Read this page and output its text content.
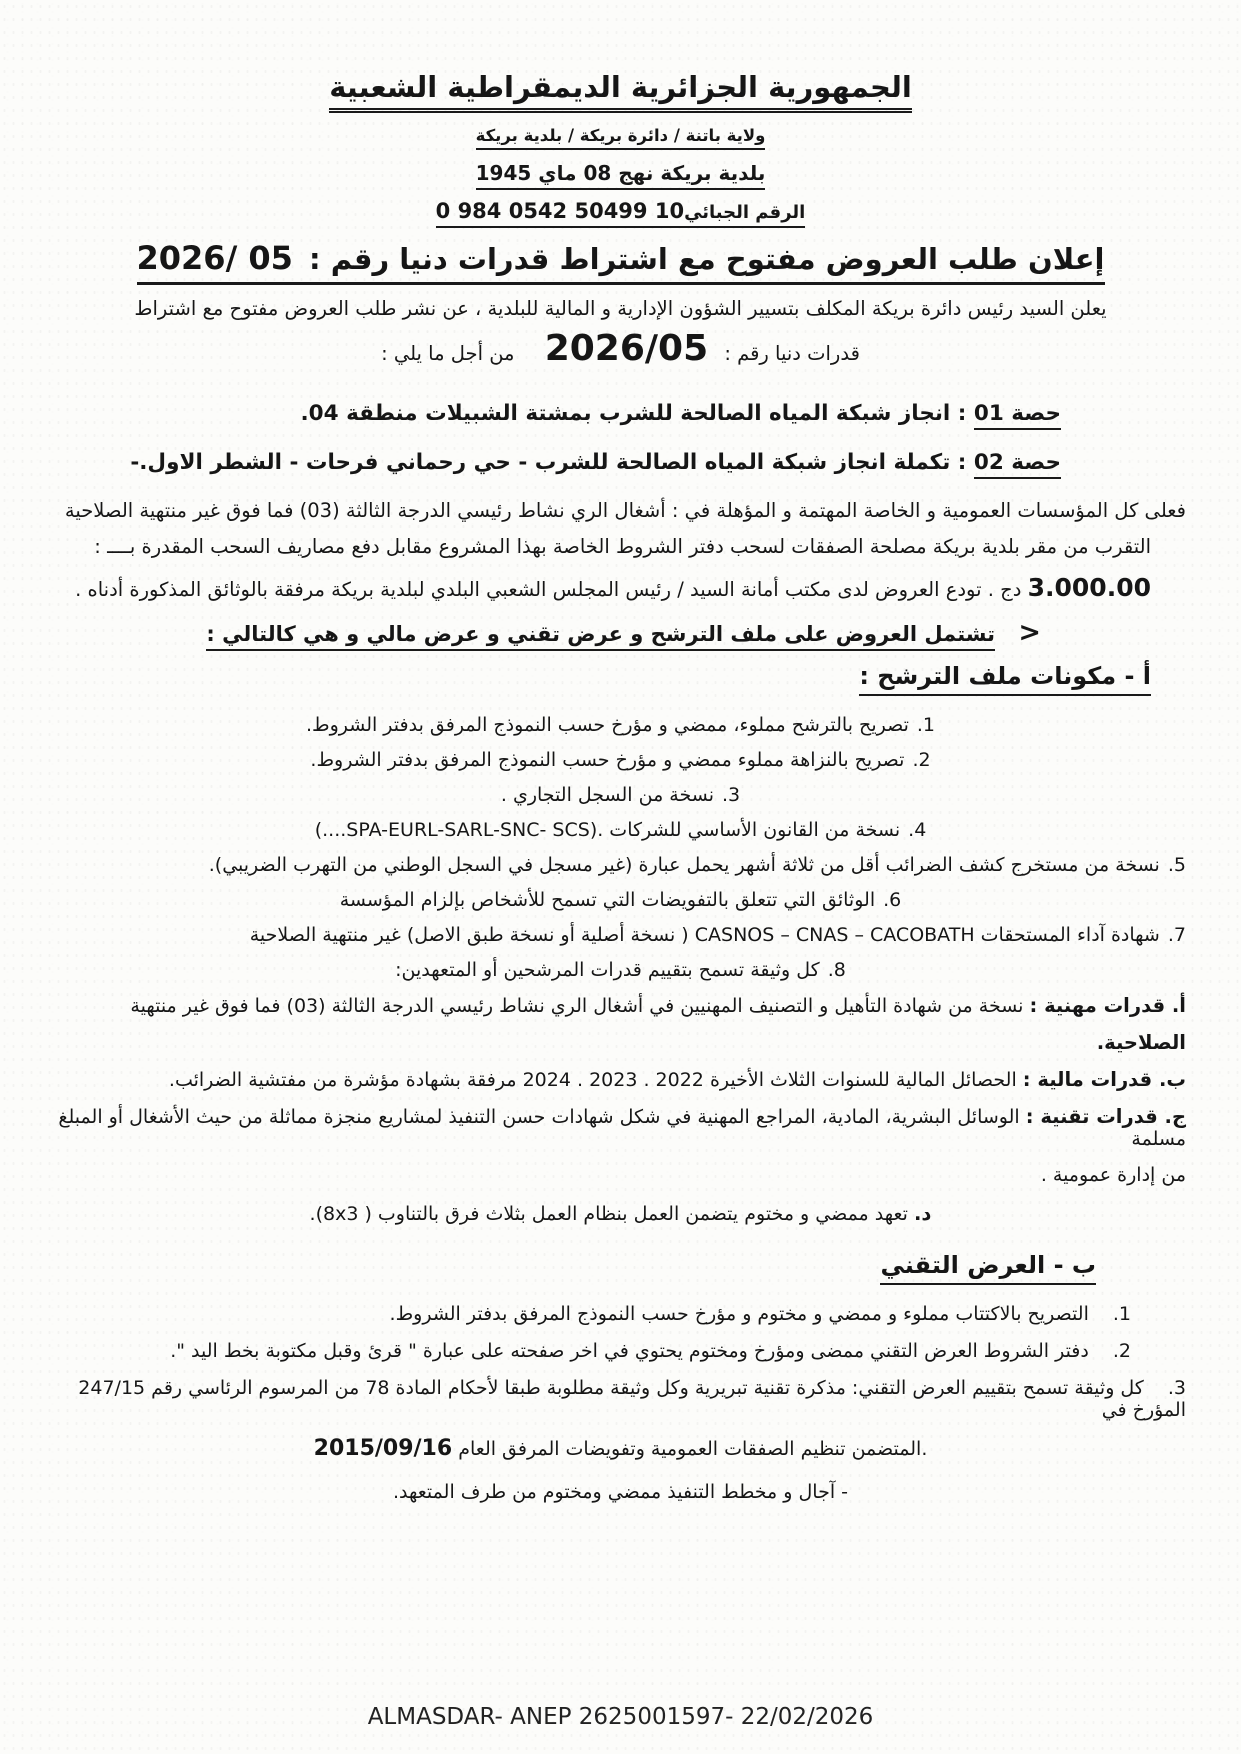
الجمهورية الجزائرية الديمقراطية الشعبية
ولاية باتنة / دائرة بريكة / بلدية بريكة
بلدية بريكة نهج 08 ماي 1945
الرقم الجبائي0 984 0542 50499 10
إعلان طلب العروض مفتوح مع اشتراط قدرات دنيا رقم : 2026/ 05
يعلن السيد رئيس دائرة بريكة المكلف بتسيير الشؤون الإدارية و المالية للبلدية ، عن نشر طلب العروض مفتوح مع اشتراط
قدرات دنيا رقم : 2026/05 من أجل ما يلي :
حصة 01 : انجاز شبكة المياه الصالحة للشرب بمشتة الشبيلات منطقة 04.
حصة 02 : تكملة انجاز شبكة المياه الصالحة للشرب - حي رحماني فرحات - الشطر الاول.-
فعلى كل المؤسسات العمومية و الخاصة المهتمة و المؤهلة في : أشغال الري نشاط رئيسي الدرجة الثالثة (03) فما فوق غير منتهية الصلاحية
التقرب من مقر بلدية بريكة مصلحة الصفقات لسحب دفتر الشروط الخاصة بهذا المشروع مقابل دفع مصاريف السحب المقدرة بــــ :
3.000.00 دج . تودع العروض لدى مكتب أمانة السيد / رئيس المجلس الشعبي البلدي لبلدية بريكة مرفقة بالوثائق المذكورة أدناه .
> تشتمل العروض على ملف الترشح و عرض تقني و عرض مالي و هي كالتالي :
أ - مكونات ملف الترشح :
1.تصريح بالترشح مملوء، ممضي و مؤرخ حسب النموذج المرفق بدفتر الشروط.
2.تصريح بالنزاهة مملوء ممضي و مؤرخ حسب النموذج المرفق بدفتر الشروط.
3.نسخة من السجل التجاري .
4.نسخة من القانون الأساسي للشركات .(SPA-EURL-SARL-SNC- SCS....)
5.نسخة من مستخرج كشف الضرائب أقل من ثلاثة أشهر يحمل عبارة (غير مسجل في السجل الوطني من التهرب الضريبي).
6.الوثائق التي تتعلق بالتفويضات التي تسمح للأشخاص بإلزام المؤسسة
7.شهادة آداء المستحقات CASNOS – CNAS – CACOBATH ( نسخة أصلية أو نسخة طبق الاصل) غير منتهية الصلاحية
8.كل وثيقة تسمح بتقييم قدرات المرشحين أو المتعهدين:
أ. قدرات مهنية : نسخة من شهادة التأهيل و التصنيف المهنيين في أشغال الري نشاط رئيسي الدرجة الثالثة (03) فما فوق غير منتهية
الصلاحية.
ب. قدرات مالية : الحصائل المالية للسنوات الثلاث الأخيرة 2022 . 2023 . 2024 مرفقة بشهادة مؤشرة من مفتشية الضرائب.
ج. قدرات تقنية : الوسائل البشرية، المادية، المراجع المهنية في شكل شهادات حسن التنفيذ لمشاريع منجزة مماثلة من حيث الأشغال أو المبلغ مسلمة
من إدارة عمومية .
د. تعهد ممضي و مختوم يتضمن العمل بنظام العمل بثلاث فرق بالتناوب ( 8x3).
ب - العرض التقني
1.التصريح بالاكتتاب مملوء و ممضي و مختوم و مؤرخ حسب النموذج المرفق بدفتر الشروط.
2.دفتر الشروط العرض التقني ممضى ومؤرخ ومختوم يحتوي في اخر صفحته على عبارة " قرئ وقبل مكتوبة بخط اليد ".
3.كل وثيقة تسمح بتقييم العرض التقني: مذكرة تقنية تبريرية وكل وثيقة مطلوبة طبقا لأحكام المادة 78 من المرسوم الرئاسي رقم 247/15 المؤرخ في
2015/09/16 المتضمن تنظيم الصفقات العمومية وتفويضات المرفق العام.
- آجال و مخطط التنفيذ ممضي ومختوم من طرف المتعهد.
ALMASDAR- ANEP 2625001597- 22/02/2026
